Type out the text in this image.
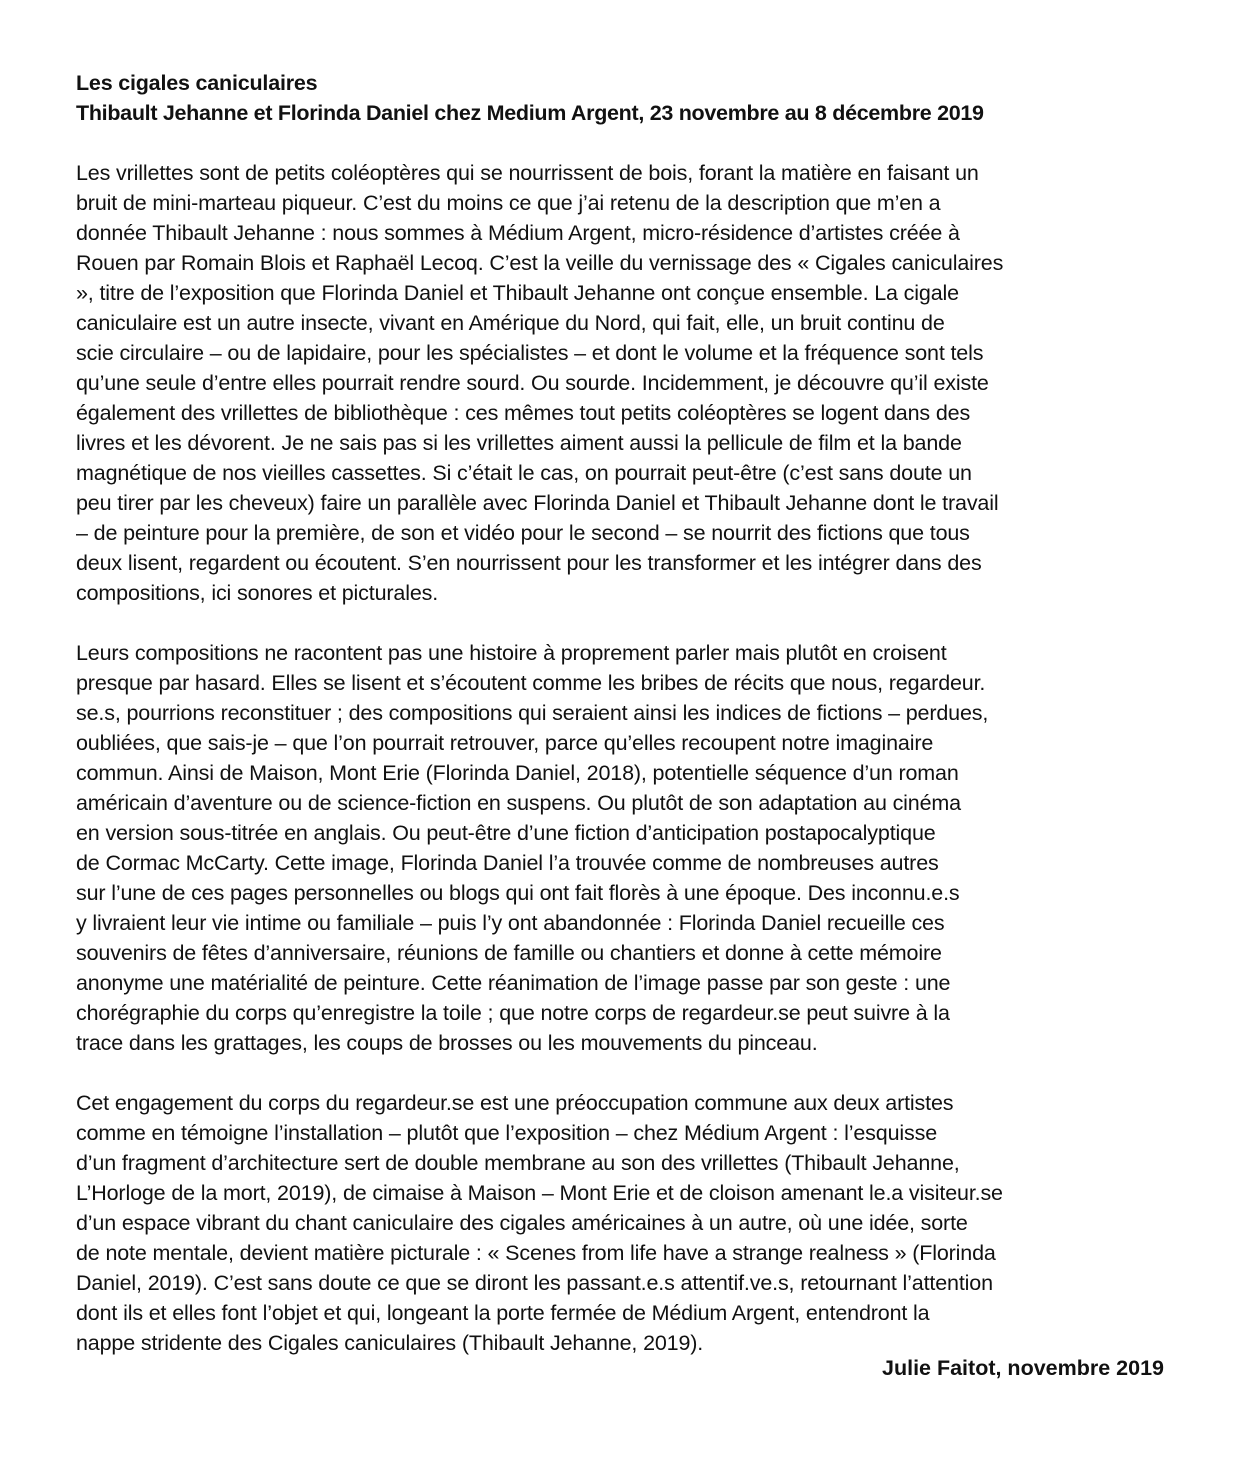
Les cigales caniculaires
Thibault Jehanne et Florinda Daniel chez Medium Argent, 23 novembre au 8 décembre 2019
Les vrillettes sont de petits coléoptères qui se nourrissent de bois, forant la matière en faisant un
bruit de mini-marteau piqueur. C’est du moins ce que j’ai retenu de la description que m’en a
donnée Thibault Jehanne : nous sommes à Médium Argent, micro-résidence d’artistes créée à
Rouen par Romain Blois et Raphaël Lecoq. C’est la veille du vernissage des « Cigales caniculaires
», titre de l’exposition que Florinda Daniel et Thibault Jehanne ont conçue ensemble. La cigale
caniculaire est un autre insecte, vivant en Amérique du Nord, qui fait, elle, un bruit continu de
scie circulaire – ou de lapidaire, pour les spécialistes – et dont le volume et la fréquence sont tels
qu’une seule d’entre elles pourrait rendre sourd. Ou sourde. Incidemment, je découvre qu’il existe
également des vrillettes de bibliothèque : ces mêmes tout petits coléoptères se logent dans des
livres et les dévorent. Je ne sais pas si les vrillettes aiment aussi la pellicule de film et la bande
magnétique de nos vieilles cassettes. Si c’était le cas, on pourrait peut-être (c’est sans doute un
peu tirer par les cheveux) faire un parallèle avec Florinda Daniel et Thibault Jehanne dont le travail
– de peinture pour la première, de son et vidéo pour le second – se nourrit des fictions que tous
deux lisent, regardent ou écoutent. S’en nourrissent pour les transformer et les intégrer dans des
compositions, ici sonores et picturales.
Leurs compositions ne racontent pas une histoire à proprement parler mais plutôt en croisent
presque par hasard. Elles se lisent et s’écoutent comme les bribes de récits que nous, regardeur.
se.s, pourrions reconstituer ; des compositions qui seraient ainsi les indices de fictions – perdues,
oubliées, que sais-je – que l’on pourrait retrouver, parce qu’elles recoupent notre imaginaire
commun. Ainsi de Maison, Mont Erie (Florinda Daniel, 2018), potentielle séquence d’un roman
américain d’aventure ou de science-fiction en suspens. Ou plutôt de son adaptation au cinéma
en version sous-titrée en anglais. Ou peut-être d’une fiction d’anticipation postapocalyptique
de Cormac McCarty. Cette image, Florinda Daniel l’a trouvée comme de nombreuses autres
sur l’une de ces pages personnelles ou blogs qui ont fait florès à une époque. Des inconnu.e.s
y livraient leur vie intime ou familiale – puis l’y ont abandonnée : Florinda Daniel recueille ces
souvenirs de fêtes d’anniversaire, réunions de famille ou chantiers et donne à cette mémoire
anonyme une matérialité de peinture. Cette réanimation de l’image passe par son geste : une
chorégraphie du corps qu’enregistre la toile ; que notre corps de regardeur.se peut suivre à la
trace dans les grattages, les coups de brosses ou les mouvements du pinceau.
Cet engagement du corps du regardeur.se est une préoccupation commune aux deux artistes
comme en témoigne l’installation – plutôt que l’exposition – chez Médium Argent : l’esquisse
d’un fragment d’architecture sert de double membrane au son des vrillettes (Thibault Jehanne,
L’Horloge de la mort, 2019), de cimaise à Maison – Mont Erie et de cloison amenant le.a visiteur.se
d’un espace vibrant du chant caniculaire des cigales américaines à un autre, où une idée, sorte
de note mentale, devient matière picturale : « Scenes from life have a strange realness » (Florinda
Daniel, 2019). C’est sans doute ce que se diront les passant.e.s attentif.ve.s, retournant l’attention
dont ils et elles font l’objet et qui, longeant la porte fermée de Médium Argent, entendront la
nappe stridente des Cigales caniculaires (Thibault Jehanne, 2019).
Julie Faitot, novembre 2019
